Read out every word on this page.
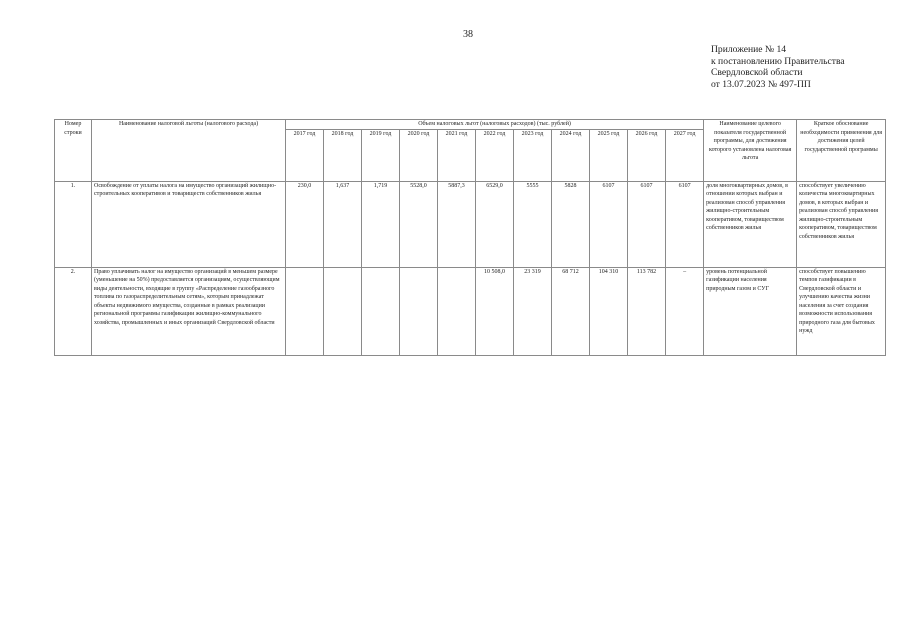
38
Приложение № 14
к постановлению Правительства
Свердловской области
от 13.07.2023 № 497-ПП
Номер строки	Наименование налоговой льготы (налогового расхода)	Объем налоговых льгот (налоговых расходов) (тыс. рублей)											Наименование целевого показателя государственной программы, для достижения которого установлена налоговая льгота	Краткое обоснование необходимости применения для достижения целей государственной программы
		2017 год	2018 год	2019 год	2020 год	2021 год	2022 год	2023 год	2024 год	2025 год	2026 год	2027 год		
1.	Освобождение от уплаты налога на имущество организаций жилищно-строительных кооперативов и товариществ собственников жилья	230,0	1,637	1,719	5528,0	5887,3	6529,0	5555	5828	6107	6107	6107	доля многоквартирных домов, в отношении которых выбран и реализован способ управления жилищно-строительным кооперативом, товариществом собственников жилья	способствует увеличению количества многоквартирных домов, в которых выбран и реализован способ управления жилищно-строительным кооперативом, товариществом собственников жилья
2.	Право уплачивать налог на имущество организаций в меньшем размере (уменьшение на 50%) предоставляется организациям, осуществляющим виды деятельности, входящие в группу «Распределение газообразного топлива по газораспределительным сетям», которым принадлежат объекты недвижимого имущества, созданные в рамках реализации региональной программы газификации жилищно-коммунального хозяйства, промышленных и иных организаций Свердловской области						10 508,0	23 319	68 712	104 310	113 782	–	уровень потенциальной газификации населения природным газом и СУГ	способствует повышению темпов газификации в Свердловской области и улучшению качества жизни населения за счет создания возможности использования природного газа для бытовых нужд
